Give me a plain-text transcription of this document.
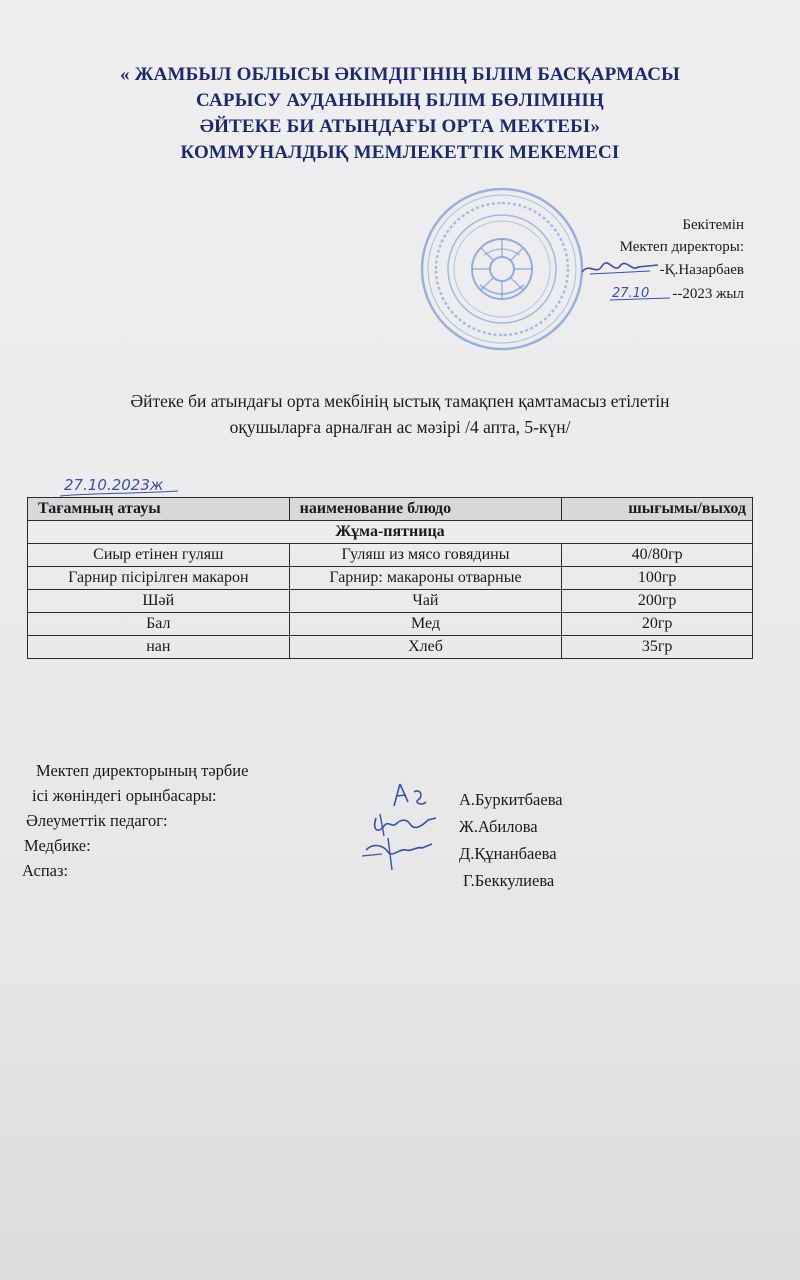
« ЖАМБЫЛ ОБЛЫСЫ ӘКІМДІГІНІҢ БІЛІМ БАСҚАРМАСЫ
САРЫСУ АУДАНЫНЫҢ БІЛІМ БӨЛІМІНІҢ
ӘЙТЕКЕ БИ АТЫНДАҒЫ ОРТА МЕКТЕБІ»
КОММУНАЛДЫҚ МЕМЛЕКЕТТІК МЕКЕМЕСІ
Бекітемін
Мектеп директоры:
-Қ.Назарбаев
27.10 --2023 жыл
Әйтеке би атындағы орта мекбінің ыстық тамақпен қамтамасыз етілетін
оқушыларға арналған ас мәзірі /4 апта, 5-күн/
27.10.2023ж
Тағамның атауы	наименование блюдо	шығымы/выход
Жұма-пятница		
Сиыр етінен гуляш	Гуляш из мясо говядины	40/80гр
Гарнир пісірілген макарон	Гарнир: макароны отварные	100гр
Шәй	Чай	200гр
Бал	Мед	20гр
нан	Хлеб	35гр
Мектеп директорының тәрбие
ісі жөніндегі орынбасары:	А.Буркитбаева
Әлеуметтік педагог:	Ж.Абилова
Медбике:	Д.Құнанбаева
Аспаз:
Г.Беккулиева
